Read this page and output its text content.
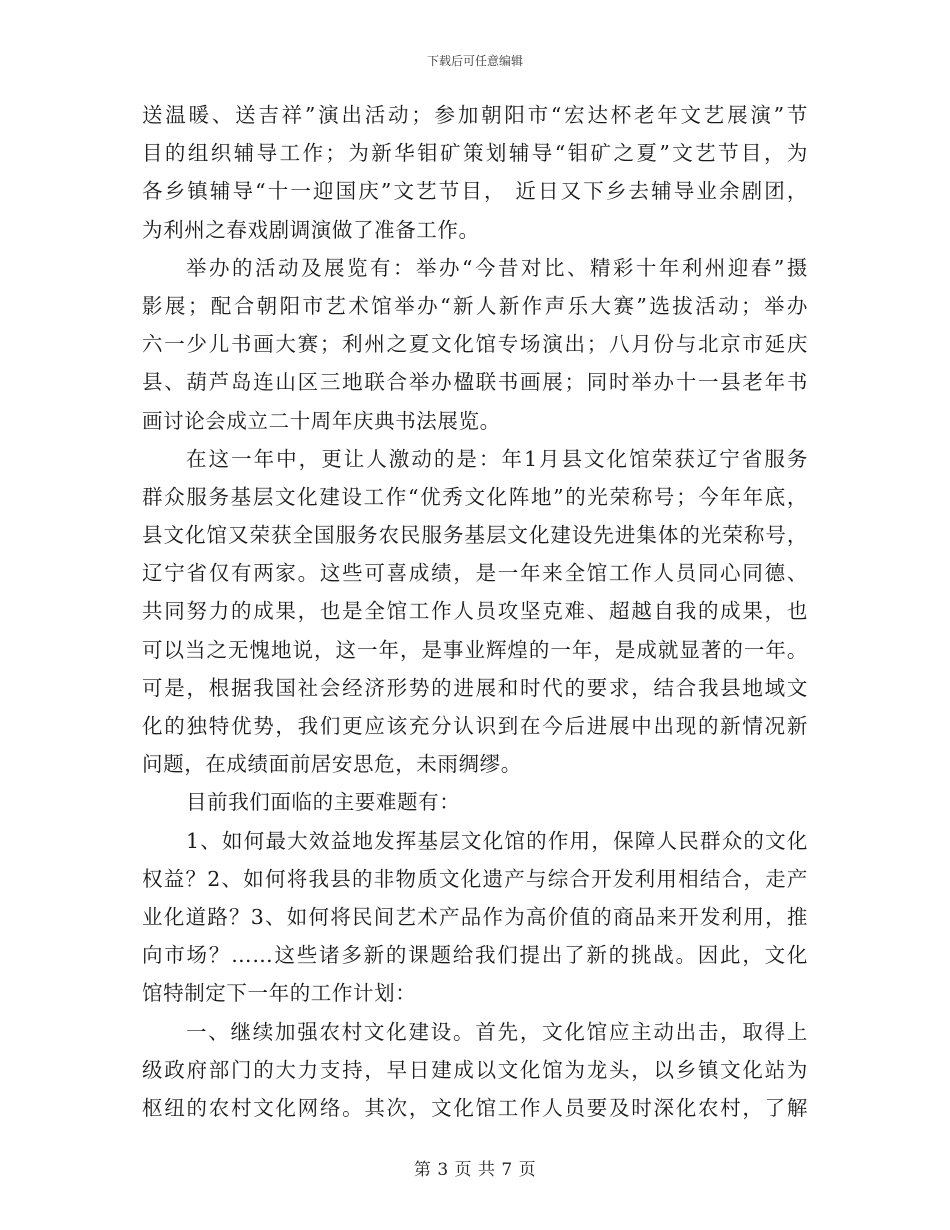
下载后可任意编辑
送温暖、送吉祥”演出活动；参加朝阳市“宏达杯老年文艺展演”节
目的组织辅导工作；为新华钼矿策划辅导“钼矿之夏”文艺节目，为
各乡镇辅导“十一迎国庆”文艺节目， 近日又下乡去辅导业余剧团，
为利州之春戏剧调演做了准备工作。
举办的活动及展览有：举办“今昔对比、精彩十年利州迎春”摄
影展；配合朝阳市艺术馆举办“新人新作声乐大赛”选拔活动；举办
六一少儿书画大赛；利州之夏文化馆专场演出；八月份与北京市延庆
县、葫芦岛连山区三地联合举办楹联书画展；同时举办十一县老年书
画讨论会成立二十周年庆典书法展览。
在这一年中，更让人激动的是：年1月县文化馆荣获辽宁省服务
群众服务基层文化建设工作“优秀文化阵地”的光荣称号；今年年底，
县文化馆又荣获全国服务农民服务基层文化建设先进集体的光荣称号，
辽宁省仅有两家。这些可喜成绩，是一年来全馆工作人员同心同德、
共同努力的成果，也是全馆工作人员攻坚克难、超越自我的成果，也
可以当之无愧地说，这一年，是事业辉煌的一年，是成就显著的一年。
可是，根据我国社会经济形势的进展和时代的要求，结合我县地域文
化的独特优势，我们更应该充分认识到在今后进展中出现的新情况新
问题，在成绩面前居安思危，未雨绸缪。
目前我们面临的主要难题有：
1、如何最大效益地发挥基层文化馆的作用，保障人民群众的文化
权益？2、如何将我县的非物质文化遗产与综合开发利用相结合，走产
业化道路？3、如何将民间艺术产品作为高价值的商品来开发利用，推
向市场？……这些诸多新的课题给我们提出了新的挑战。因此，文化
馆特制定下一年的工作计划：
一、继续加强农村文化建设。首先，文化馆应主动出击，取得上
级政府部门的大力支持，早日建成以文化馆为龙头，以乡镇文化站为
枢纽的农村文化网络。其次，文化馆工作人员要及时深化农村，了解
第 3 页 共 7 页
